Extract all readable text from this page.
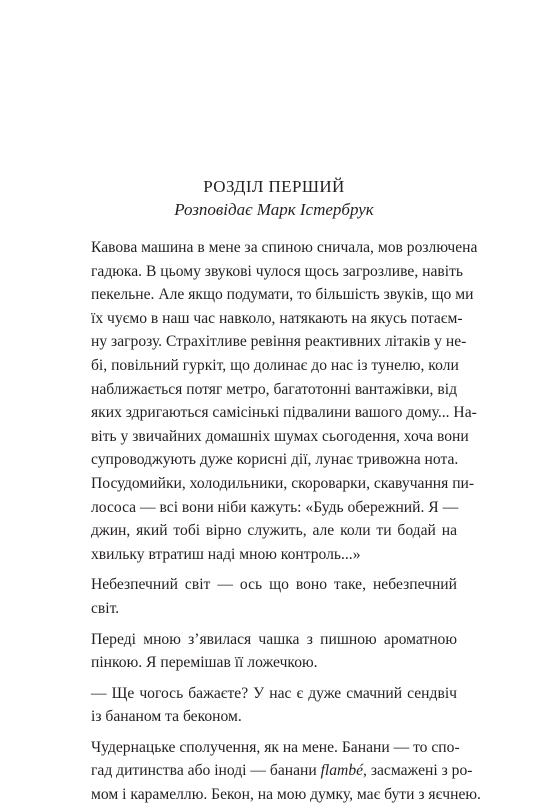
РОЗДІЛ ПЕРШИЙ
Розповідає Марк Істербрук
Кавова машина в мене за спиною сничала, мов розлючена
гадюка. В цьому звукові чулося щось загрозливе, навіть
пекельне. Але якщо подумати, то більшість звуків, що ми
їх чуємо в наш час навколо, натякають на якусь потаєм-
ну загрозу. Страхітливе ревіння реактивних літаків у не-
бі, повільний гуркіт, що долинає до нас із тунелю, коли
наближається потяг метро, багатотонні вантажівки, від
яких здригаються самісінькі підвалини вашого дому... На-
віть у звичайних домашніх шумах сьогодення, хоча вони
супроводжують дуже корисні дії, лунає тривожна нота.
Посудомийки, холодильники, скороварки, скавучання пи-
лососа — всі вони ніби кажуть: «Будь обережний. Я —
джин, який тобі вірно служить, але коли ти бодай на
хвильку втратиш наді мною контроль...»
Небезпечний світ — ось що воно таке, небезпечний
світ.
Переді мною з’явилася чашка з пишною ароматною
пінкою. Я перемішав її ложечкою.
— Ще чогось бажаєте? У нас є дуже смачний сендвіч
із бананом та беконом.
Чудернацьке сполучення, як на мене. Банани — то спо-
гад дитинства або іноді — банани flambé, засмажені з ро-
мом і карамеллю. Бекон, на мою думку, має бути з яєчнею.
